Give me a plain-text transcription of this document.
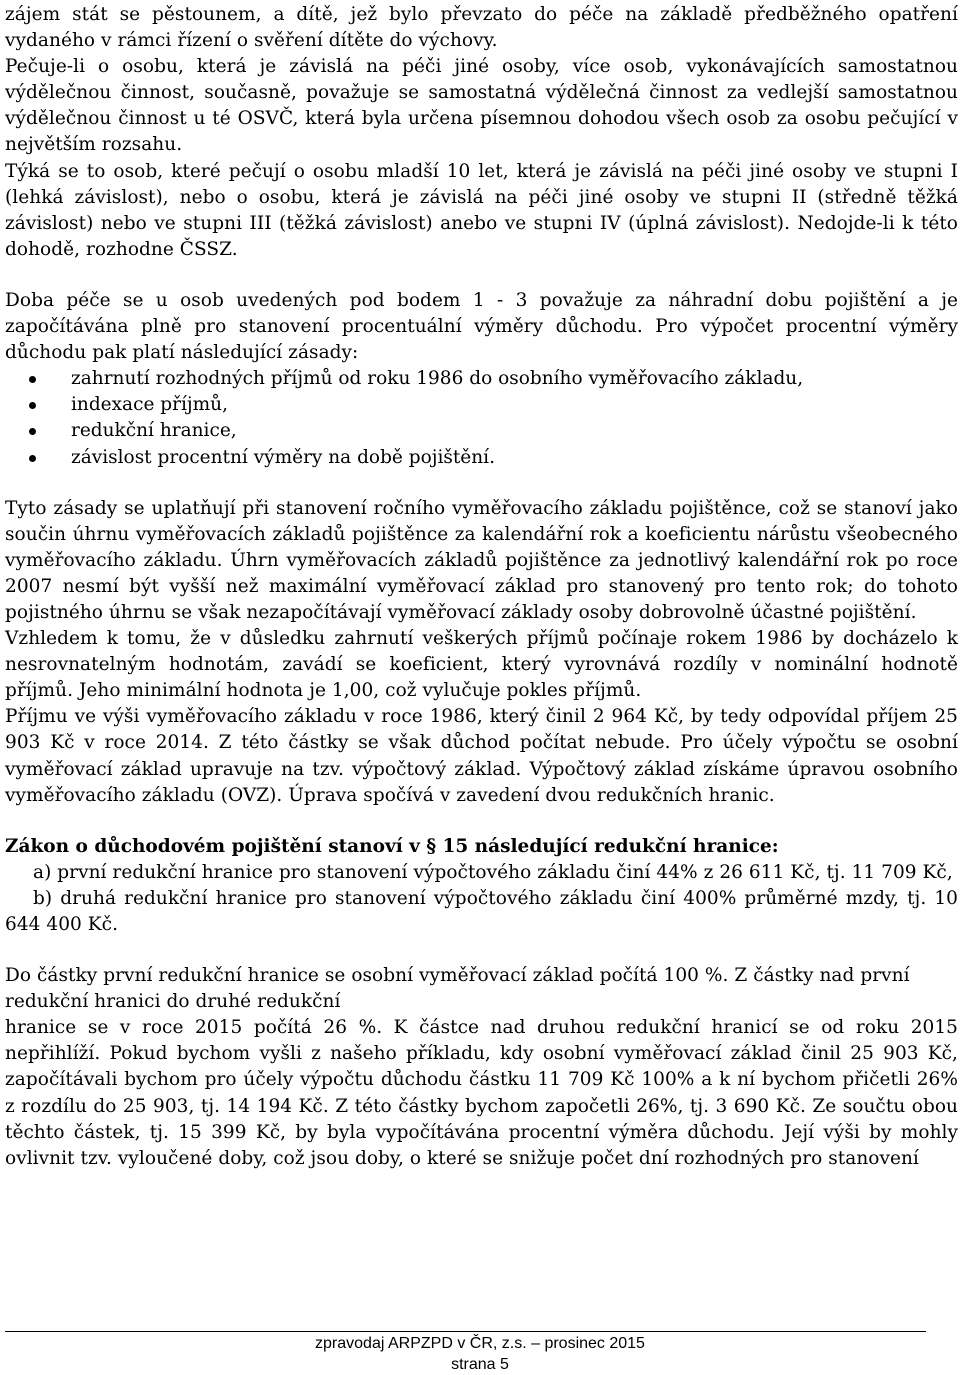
zájem stát se pěstounem, a dítě, jež bylo převzato do péče na základě předběžného opatření vydaného v rámci řízení o svěření dítěte do výchovy.

Pečuje-li o osobu, která je závislá na péči jiné osoby, více osob, vykonávajících samostatnou výdělečnou činnost, současně, považuje se samostatná výdělečná činnost za vedlejší samostatnou výdělečnou činnost u té OSVČ, která byla určena písemnou dohodou všech osob za osobu pečující v největším rozsahu.

Týká se to osob, které pečují o osobu mladší 10 let, která je závislá na péči jiné osoby ve stupni I (lehká závislost), nebo o osobu, která je závislá na péči jiné osoby ve stupni II (středně těžká závislost) nebo ve stupni III (těžká závislost) anebo ve stupni IV (úplná závislost). Nedojde-li k této dohodě, rozhodne ČSSZ.

Doba péče se u osob uvedených pod bodem 1 - 3 považuje za náhradní dobu pojištění a je započítávána plně pro stanovení procentuální výměry důchodu. Pro výpočet procentní výměry důchodu pak platí následující zásady:

zahrnutí rozhodných příjmů od roku 1986 do osobního vyměřovacího základu,
indexace příjmů,
redukční hranice,
závislost procentní výměry na době pojištění.

Tyto zásady se uplatňují při stanovení ročního vyměřovacího základu pojištěnce, což se stanoví jako součin úhrnu vyměřovacích základů pojištěnce za kalendářní rok a koeficientu nárůstu všeobecného vyměřovacího základu. Úhrn vyměřovacích základů pojištěnce za jednotlivý kalendářní rok po roce 2007 nesmí být vyšší než maximální vyměřovací základ pro stanovený pro tento rok; do tohoto pojistného úhrnu se však nezapočítávají vyměřovací základy osoby dobrovolně účastné pojištění.

Vzhledem k tomu, že v důsledku zahrnutí veškerých příjmů počínaje rokem 1986 by docházelo k nesrovnatelným hodnotám, zavádí se koeficient, který vyrovnává rozdíly v nominální hodnotě příjmů. Jeho minimální hodnota je 1,00, což vylučuje pokles příjmů.

Příjmu ve výši vyměřovacího základu v roce 1986, který činil 2 964 Kč, by tedy odpovídal příjem 25 903 Kč v roce 2014. Z této částky se však důchod počítat nebude. Pro účely výpočtu se osobní vyměřovací základ upravuje na tzv. výpočtový základ. Výpočtový základ získáme úpravou osobního vyměřovacího základu (OVZ). Úprava spočívá v zavedení dvou redukčních hranic.

Zákon o důchodovém pojištění stanoví v § 15 následující redukční hranice:

a) první redukční hranice pro stanovení výpočtového základu činí 44% z 26 611 Kč, tj. 11 709 Kč,

b) druhá redukční hranice pro stanovení výpočtového základu činí 400% průměrné mzdy, tj. 10 644 400 Kč.

Do částky první redukční hranice se osobní vyměřovací základ počítá 100 %. Z částky nad první redukční hranici do druhé redukční

hranice se v roce 2015 počítá 26 %. K částce nad druhou redukční hranicí se od roku 2015 nepřihlíží. Pokud bychom vyšli z našeho příkladu, kdy osobní vyměřovací základ činil 25 903 Kč, započítávali bychom pro účely výpočtu důchodu částku 11 709 Kč 100% a k ní bychom přičetli 26% z rozdílu do 25 903, tj. 14 194 Kč. Z této částky bychom započetli 26%, tj. 3 690 Kč. Ze součtu obou těchto částek, tj. 15 399 Kč, by byla vypočítávána procentní výměra důchodu. Její výši by mohly ovlivnit tzv. vyloučené doby, což jsou doby, o které se snižuje počet dní rozhodných pro stanovení

zpravodaj ARPZPD v ČR, z.s. – prosinec 2015
strana 5
